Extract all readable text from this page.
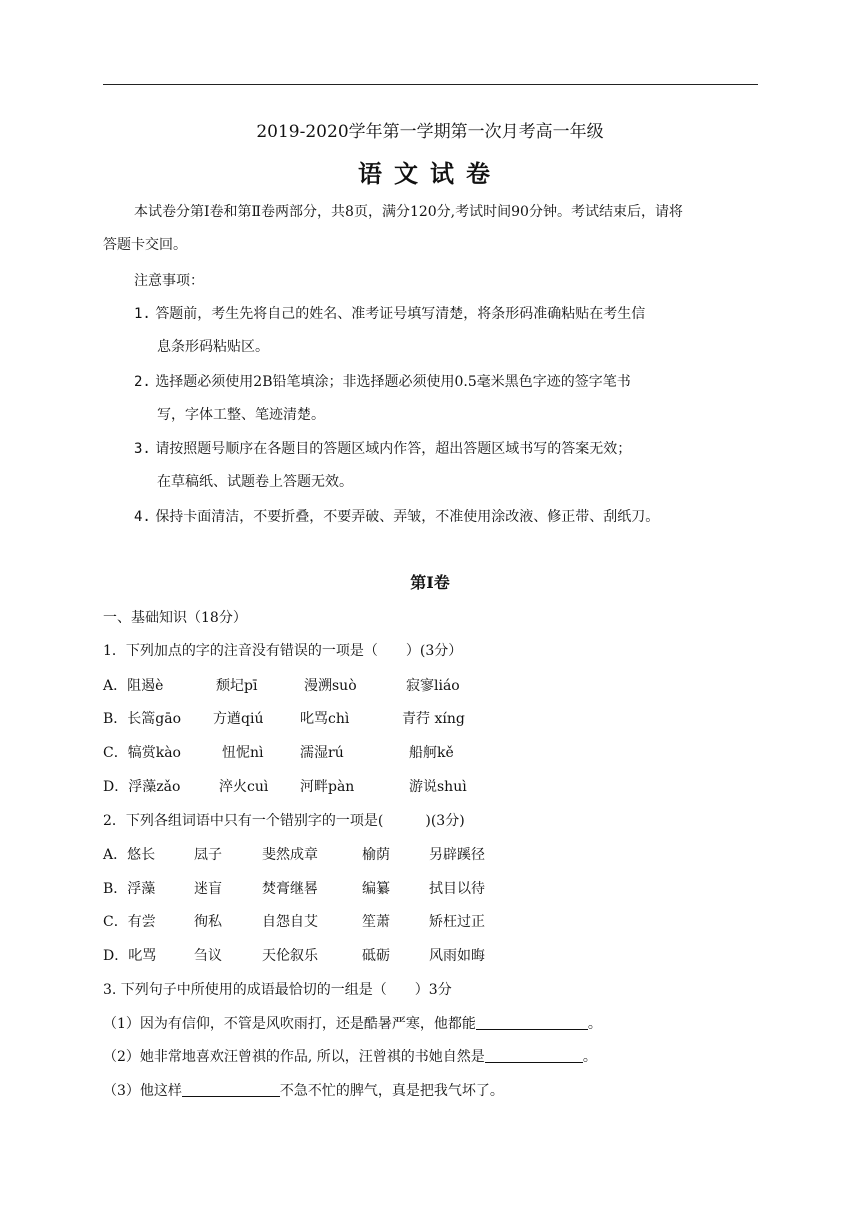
2019-2020学年第一学期第一次月考高一年级
语文试卷
本试卷分第Ⅰ卷和第Ⅱ卷两部分，共8页，满分120分,考试时间90分钟。考试结束后，请将
答题卡交回。
注意事项：
1. 答题前，考生先将自己的姓名、准考证号填写清楚，将条形码准确粘贴在考生信
息条形码粘贴区。
2. 选择题必须使用2B铅笔填涂；非选择题必须使用0.5毫米黑色字迹的签字笔书
写，字体工整、笔迹清楚。
3. 请按照题号顺序在各题目的答题区域内作答，超出答题区域书写的答案无效；
在草稿纸、试题卷上答题无效。
4. 保持卡面清洁，不要折叠，不要弄破、弄皱，不准使用涂改液、修正带、刮纸刀。
第Ⅰ卷
一、基础知识（18分）
1．下列加点的字的注音没有错误的一项是（　　）(3分）
A．阻遏è	颓圮pī	漫溯suò	寂寥liáo
B．长篙gāo 方遒qiú	叱骂chì	青荇 xíng
C．犒赏kào	忸怩nì	濡湿rú	船舸kě
D．浮藻zǎo	淬火cuì 河畔pàn	游说shuì
2．下列各组词语中只有一个错别字的一项是(　　　)(3分)
A．悠长	凨子	斐然成章	榆荫	另辟蹊径
B．浮藻	迷盲	焚膏继晷	编纂	拭目以待
C．有尝	徇私	自怨自艾	笙萧	矫枉过正
D．叱骂	刍议	天伦叙乐	砥砺	风雨如晦
3. 下列句子中所使用的成语最恰切的一组是（　　）3分
（1）因为有信仰，不管是风吹雨打，还是酷暑严寒，他都能	。
（2）她非常地喜欢汪曾祺的作品, 所以，汪曾祺的书她自然是	。
（3）他这样	不急不忙的脾气，真是把我气坏了。
